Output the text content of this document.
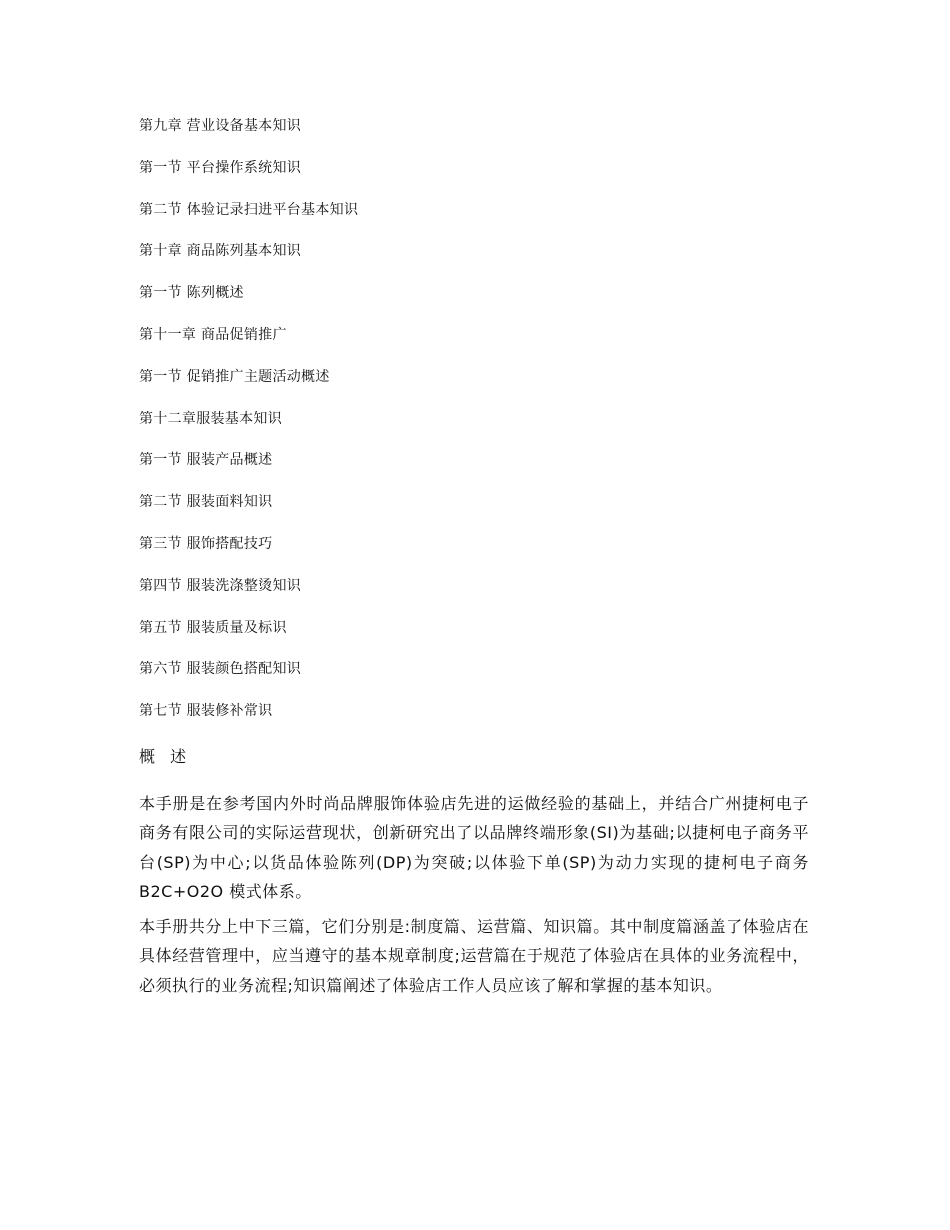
第九章 营业设备基本知识
第一节 平台操作系统知识
第二节 体验记录扫进平台基本知识
第十章 商品陈列基本知识
第一节 陈列概述
第十一章 商品促销推广
第一节 促销推广主题活动概述
第十二章服装基本知识
第一节 服装产品概述
第二节 服装面料知识
第三节 服饰搭配技巧
第四节 服装洗涤整烫知识
第五节 服装质量及标识
第六节 服装颜色搭配知识
第七节 服装修补常识
概 述

本手册是在参考国内外时尚品牌服饰体验店先进的运做经验的基础上，并结合广州捷柯电子商务有限公司的实际运营现状，创新研究出了以品牌终端形象(SI)为基础;以捷柯电子商务平台(SP)为中心;以货品体验陈列(DP)为突破;以体验下单(SP)为动力实现的捷柯电子商务 B2C+O2O 模式体系。

本手册共分上中下三篇，它们分别是:制度篇、运营篇、知识篇。其中制度篇涵盖了体验店在具体经营管理中，应当遵守的基本规章制度;运营篇在于规范了体验店在具体的业务流程中，必须执行的业务流程;知识篇阐述了体验店工作人员应该了解和掌握的基本知识。
